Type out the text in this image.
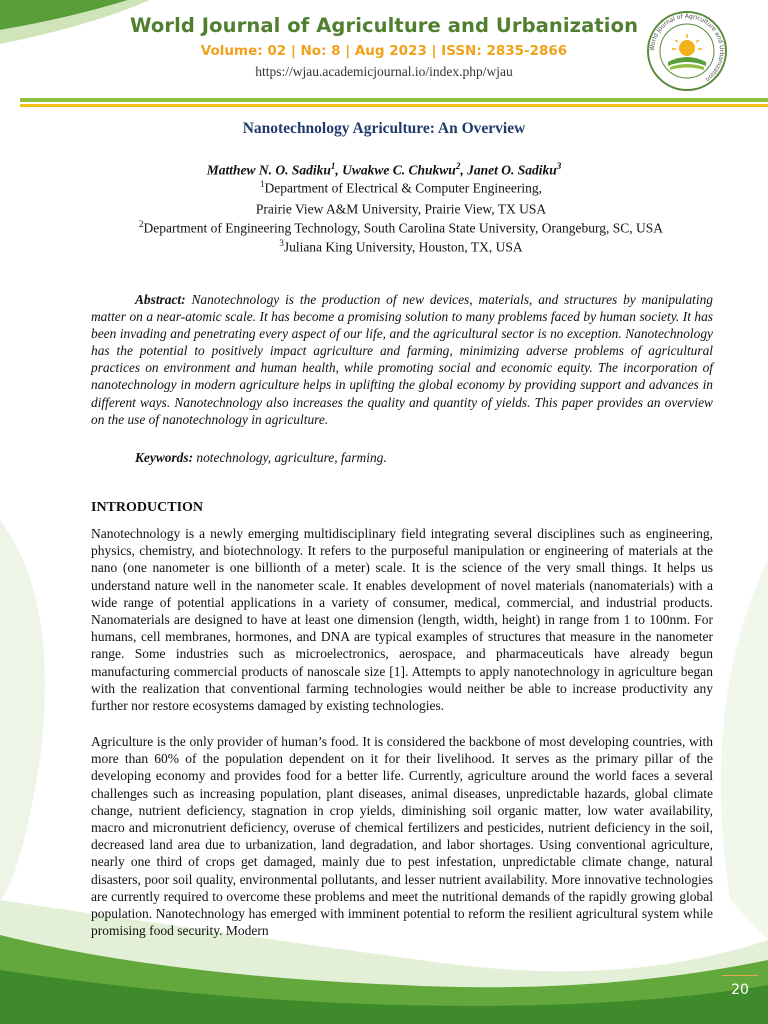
World Journal of Agriculture and Urbanization
Volume: 02 | No: 8 | Aug 2023 | ISSN: 2835-2866
https://wjau.academicjournal.io/index.php/wjau
World Journal of Agriculture and Urbanization
Nanotechnology Agriculture: An Overview
Matthew N. O. Sadiku$^1$, Uwakwe C. Chukwu$^2$, Janet O. Sadiku$^3$
$^1$Department of Electrical & Computer Engineering,
Prairie View A&M University, Prairie View, TX USA
$^2$Department of Engineering Technology, South Carolina State University, Orangeburg, SC, USA
$^3$Juliana King University, Houston, TX, USA
Abstract: Nanotechnology is the production of new devices, materials, and structures by manipulating matter on a near-atomic scale. It has become a promising solution to many problems faced by human society. It has been invading and penetrating every aspect of our life, and the agricultural sector is no exception. Nanotechnology has the potential to positively impact agriculture and farming, minimizing adverse problems of agricultural practices on environment and human health, while promoting social and economic equity. The incorporation of nanotechnology in modern agriculture helps in uplifting the global economy by providing support and advances in different ways. Nanotechnology also increases the quality and quantity of yields. This paper provides an overview on the use of nanotechnology in agriculture.
Keywords: notechnology, agriculture, farming.
INTRODUCTION
Nanotechnology is a newly emerging multidisciplinary field integrating several disciplines such as engineering, physics, chemistry, and biotechnology. It refers to the purposeful manipulation or engineering of materials at the nano (one nanometer is one billionth of a meter) scale. It is the science of the very small things. It helps us understand nature well in the nanometer scale. It enables development of novel materials (nanomaterials) with a wide range of potential applications in a variety of consumer, medical, commercial, and industrial products. Nanomaterials are designed to have at least one dimension (length, width, height) in range from 1 to 100nm. For humans, cell membranes, hormones, and DNA are typical examples of structures that measure in the nanometer range. Some industries such as microelectronics, aerospace, and pharmaceuticals have already begun manufacturing commercial products of nanoscale size [1]. Attempts to apply nanotechnology in agriculture began with the realization that conventional farming technologies would neither be able to increase productivity any further nor restore ecosystems damaged by existing technologies.
Agriculture is the only provider of human’s food. It is considered the backbone of most developing countries, with more than 60% of the population dependent on it for their livelihood. It serves as the primary pillar of the developing economy and provides food for a better life. Currently, agriculture around the world faces a several challenges such as increasing population, plant diseases, animal diseases, unpredictable hazards, global climate change, nutrient deficiency, stagnation in crop yields, diminishing soil organic matter, low water availability, macro and micronutrient deficiency, overuse of chemical fertilizers and pesticides, nutrient deficiency in the soil, decreased land area due to urbanization, land degradation, and labor shortages. Using conventional agriculture, nearly one third of crops get damaged, mainly due to pest infestation, unpredictable climate change, natural disasters, poor soil quality, environmental pollutants, and lesser nutrient availability. More innovative technologies are currently required to overcome these problems and meet the nutritional demands of the rapidly growing global population. Nanotechnology has emerged with imminent potential to reform the resilient agricultural system while promising food security. Modern
20
